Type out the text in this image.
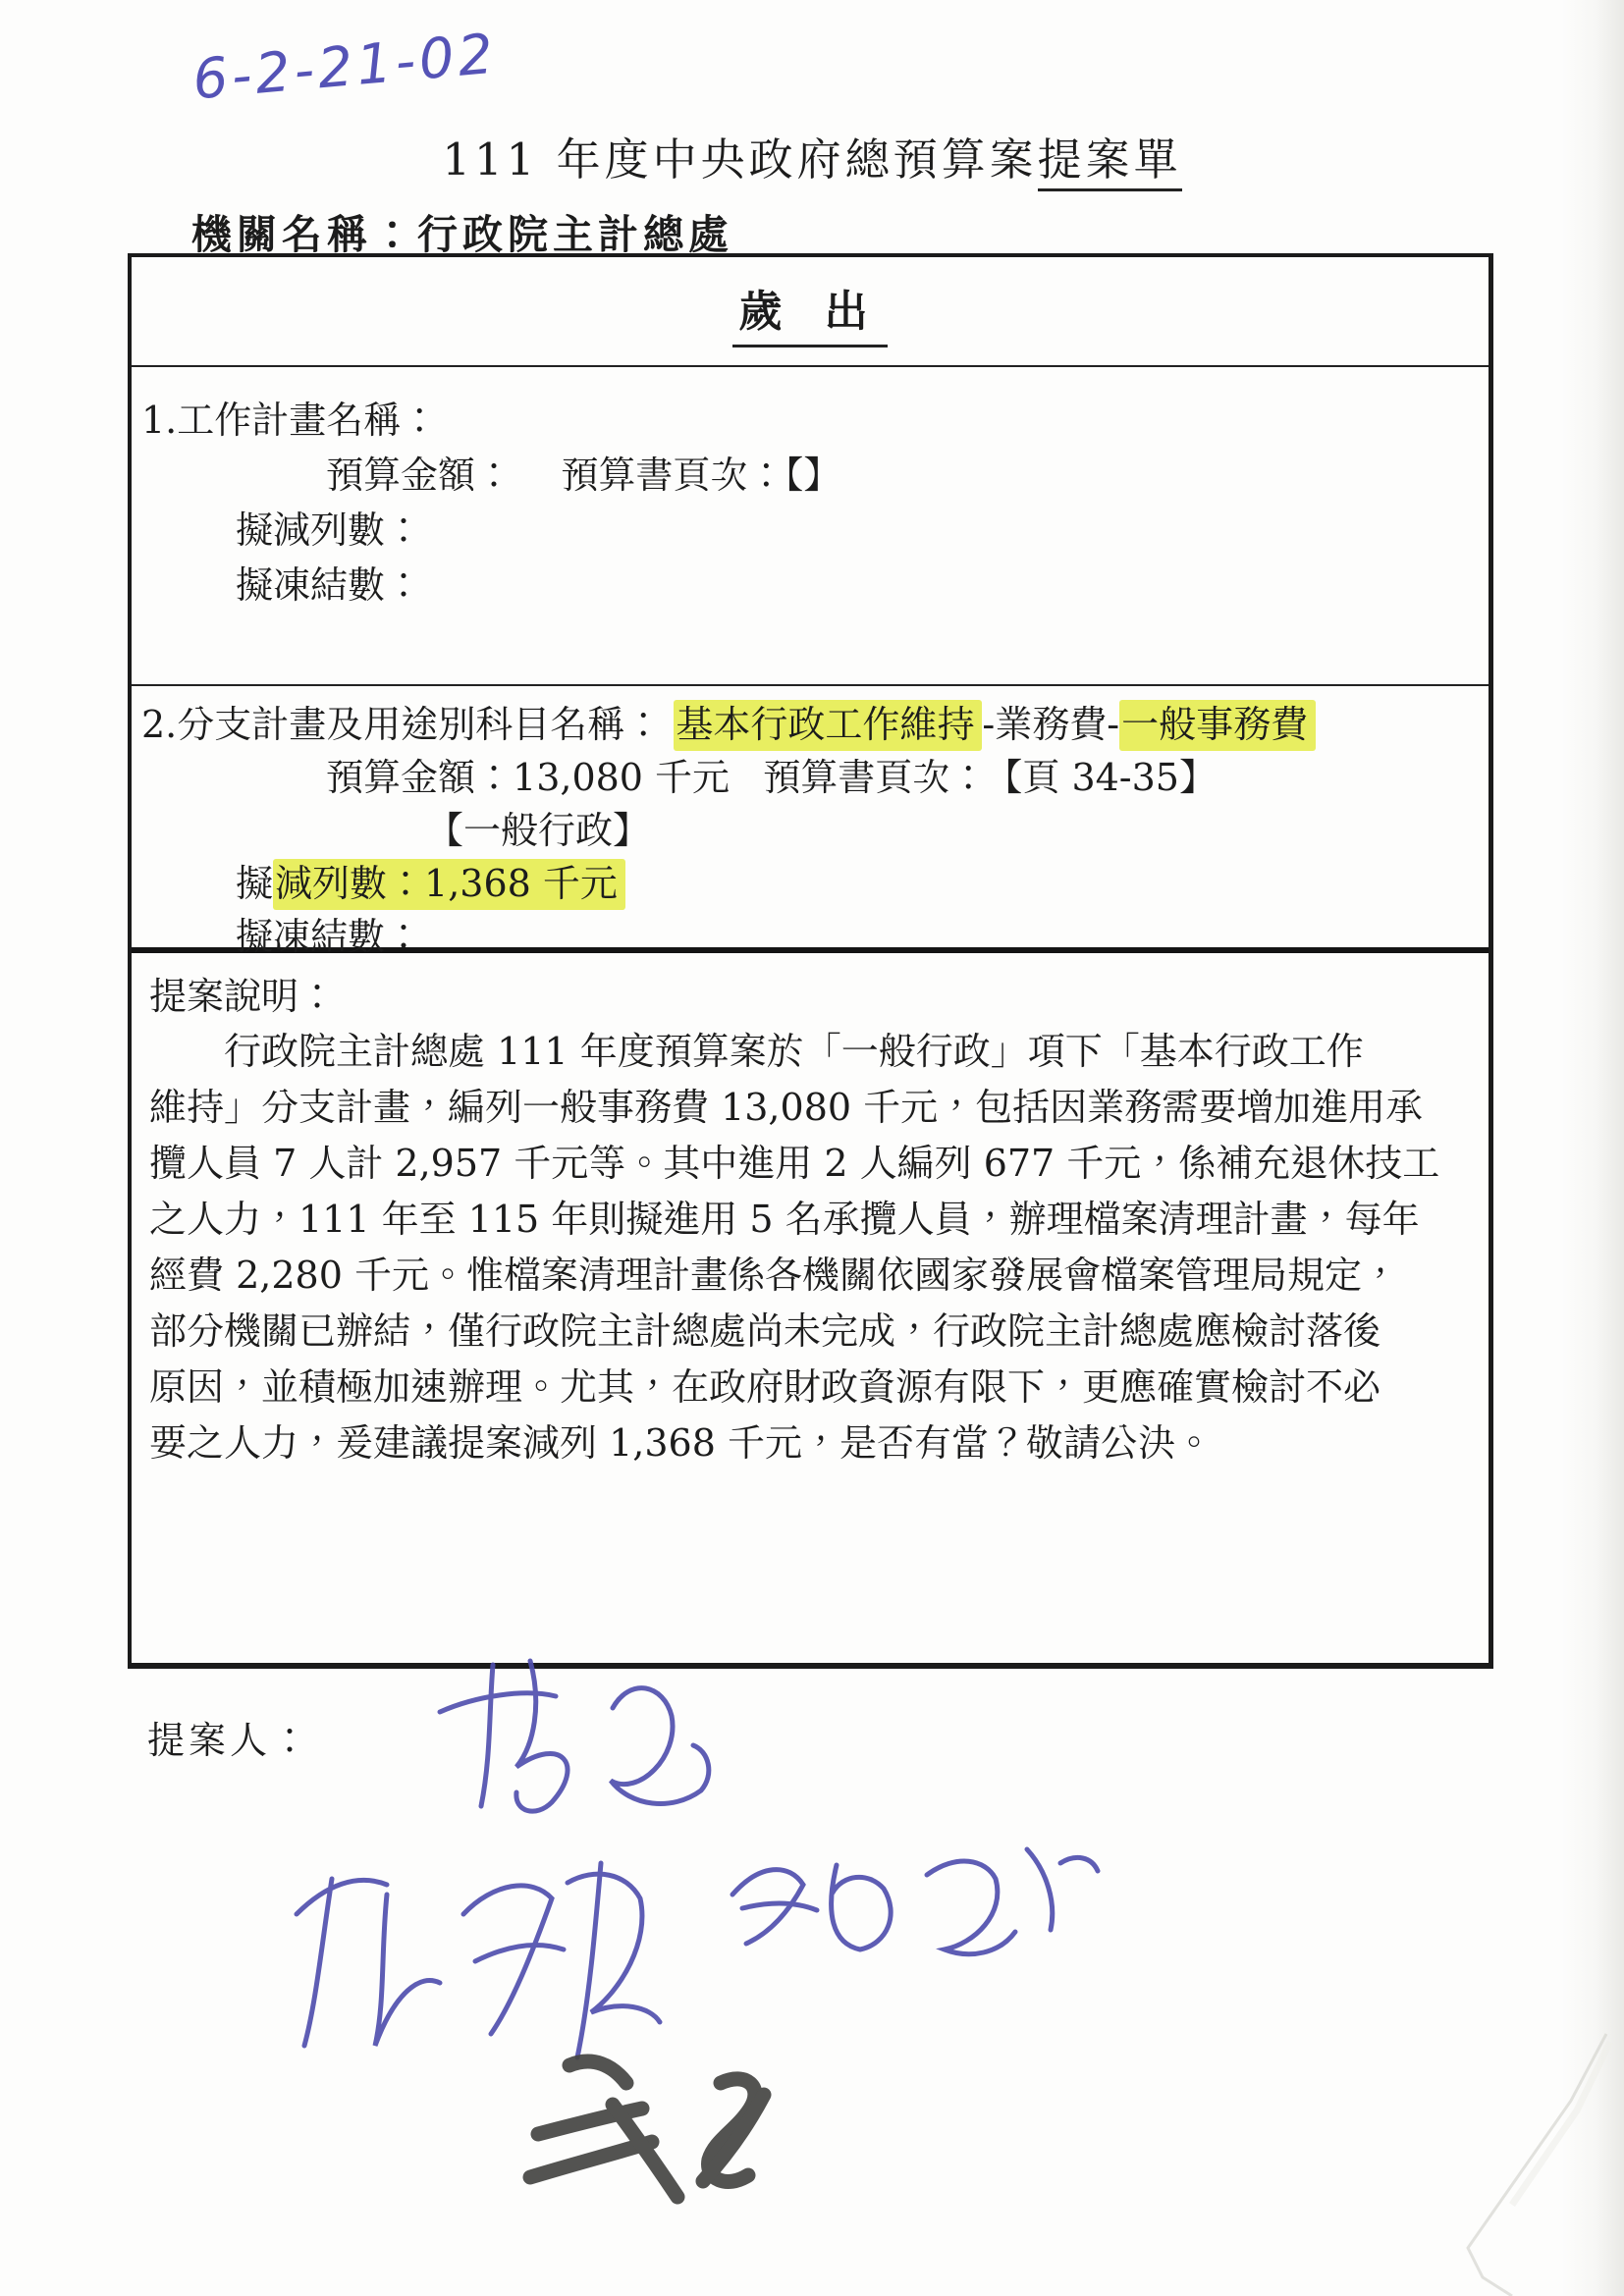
6-2-21-02
111 年度中央政府總預算案提案單
機關名稱：行政院主計總處
歲 出
1.工作計畫名稱：
預算金額： 預算書頁次：【】
擬減列數：
擬凍結數：
2.分支計畫及用途別科目名稱： 基本行政工作維持 -業務費-一般事務費
預算金額：13,080 千元 預算書頁次： 【頁 34-35】
【一般行政】
擬減列數：1,368 千元
擬凍結數：
提案說明：
行政院主計總處 111 年度預算案於「一般行政」項下「基本行政工作
維持」分支計畫，編列一般事務費 13,080 千元，包括因業務需要增加進用承
攬人員 7 人計 2,957 千元等。其中進用 2 人編列 677 千元，係補充退休技工
之人力，111 年至 115 年則擬進用 5 名承攬人員，辦理檔案清理計畫，每年
經費 2,280 千元。惟檔案清理計畫係各機關依國家發展會檔案管理局規定，
部分機關已辦結，僅行政院主計總處尚未完成，行政院主計總處應檢討落後
原因，並積極加速辦理。尤其，在政府財政資源有限下，更應確實檢討不必
要之人力，爰建議提案減列 1,368 千元，是否有當？敬請公決。
提案人：
